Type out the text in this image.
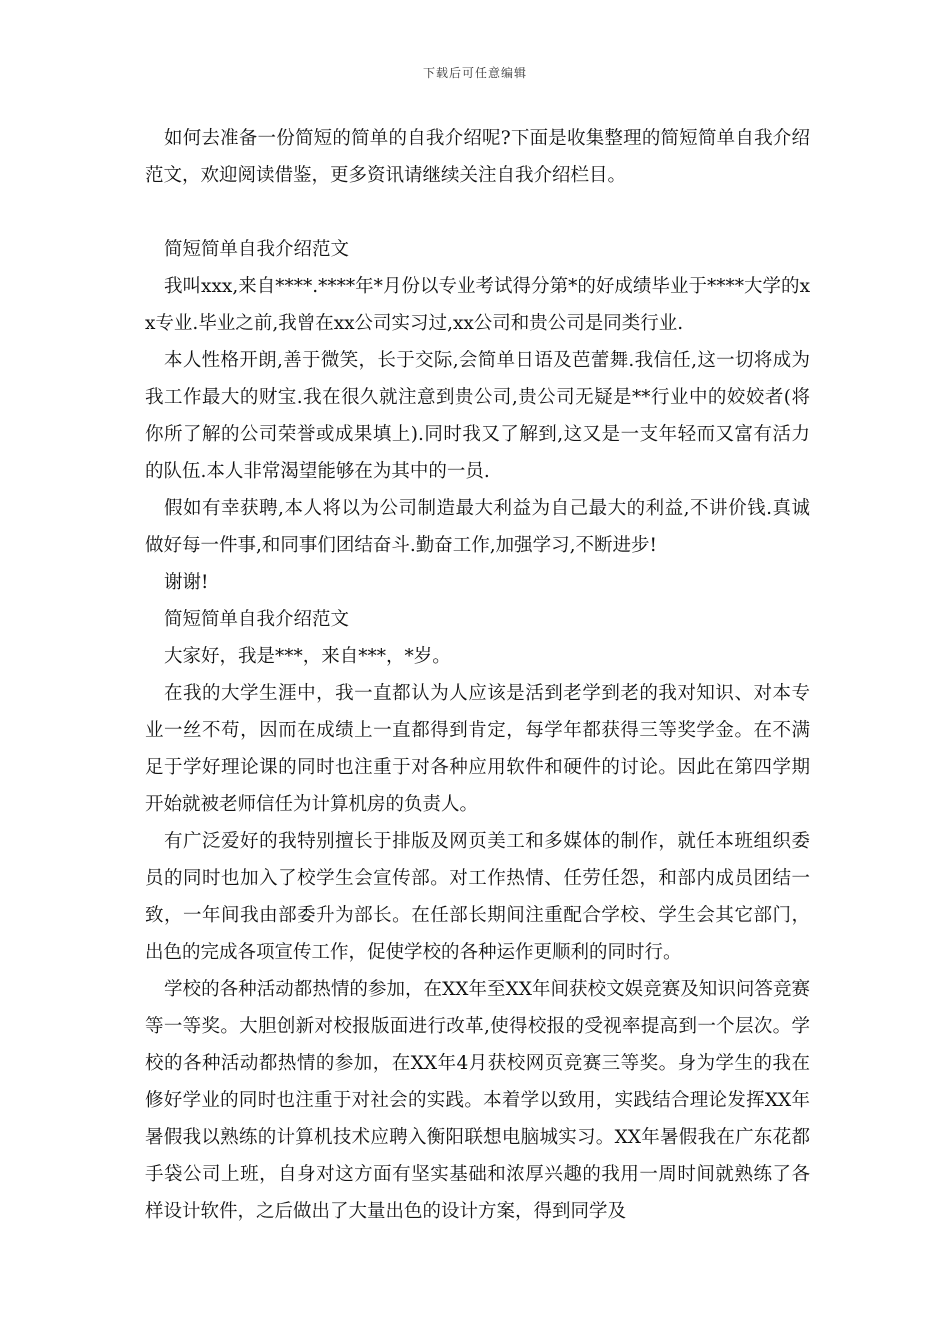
下载后可任意编辑

如何去准备一份简短的简单的自我介绍呢?下面是收集整理的简短简单自我介绍范文，欢迎阅读借鉴，更多资讯请继续关注自我介绍栏目。

简短简单自我介绍范文

我叫xxx,来自****.****年*月份以专业考试得分第*的好成绩毕业于****大学的xx专业.毕业之前,我曾在xx公司实习过,xx公司和贵公司是同类行业.

本人性格开朗,善于微笑，长于交际,会简单日语及芭蕾舞.我信任,这一切将成为我工作最大的财宝.我在很久就注意到贵公司,贵公司无疑是**行业中的姣姣者(将你所了解的公司荣誉或成果填上).同时我又了解到,这又是一支年轻而又富有活力的队伍.本人非常渴望能够在为其中的一员.

假如有幸获聘,本人将以为公司制造最大利益为自己最大的利益,不讲价钱.真诚做好每一件事,和同事们团结奋斗.勤奋工作,加强学习,不断进步!

谢谢!

简短简单自我介绍范文

大家好，我是***，来自***，*岁。

在我的大学生涯中，我一直都认为人应该是活到老学到老的我对知识、对本专业一丝不苟，因而在成绩上一直都得到肯定，每学年都获得三等奖学金。在不满足于学好理论课的同时也注重于对各种应用软件和硬件的讨论。因此在第四学期开始就被老师信任为计算机房的负责人。

有广泛爱好的我特别擅长于排版及网页美工和多媒体的制作，就任本班组织委员的同时也加入了校学生会宣传部。对工作热情、任劳任怨，和部内成员团结一致，一年间我由部委升为部长。在任部长期间注重配合学校、学生会其它部门，出色的完成各项宣传工作，促使学校的各种运作更顺利的同时行。

学校的各种活动都热情的参加，在XX年至XX年间获校文娱竞赛及知识问答竞赛等一等奖。大胆创新对校报版面进行改革,使得校报的受视率提高到一个层次。学校的各种活动都热情的参加，在XX年4月获校网页竞赛三等奖。身为学生的我在修好学业的同时也注重于对社会的实践。本着学以致用，实践结合理论发挥XX年暑假我以熟练的计算机技术应聘入衡阳联想电脑城实习。XX年暑假我在广东花都手袋公司上班，自身对这方面有坚实基础和浓厚兴趣的我用一周时间就熟练了各样设计软件，之后做出了大量出色的设计方案，得到同学及
